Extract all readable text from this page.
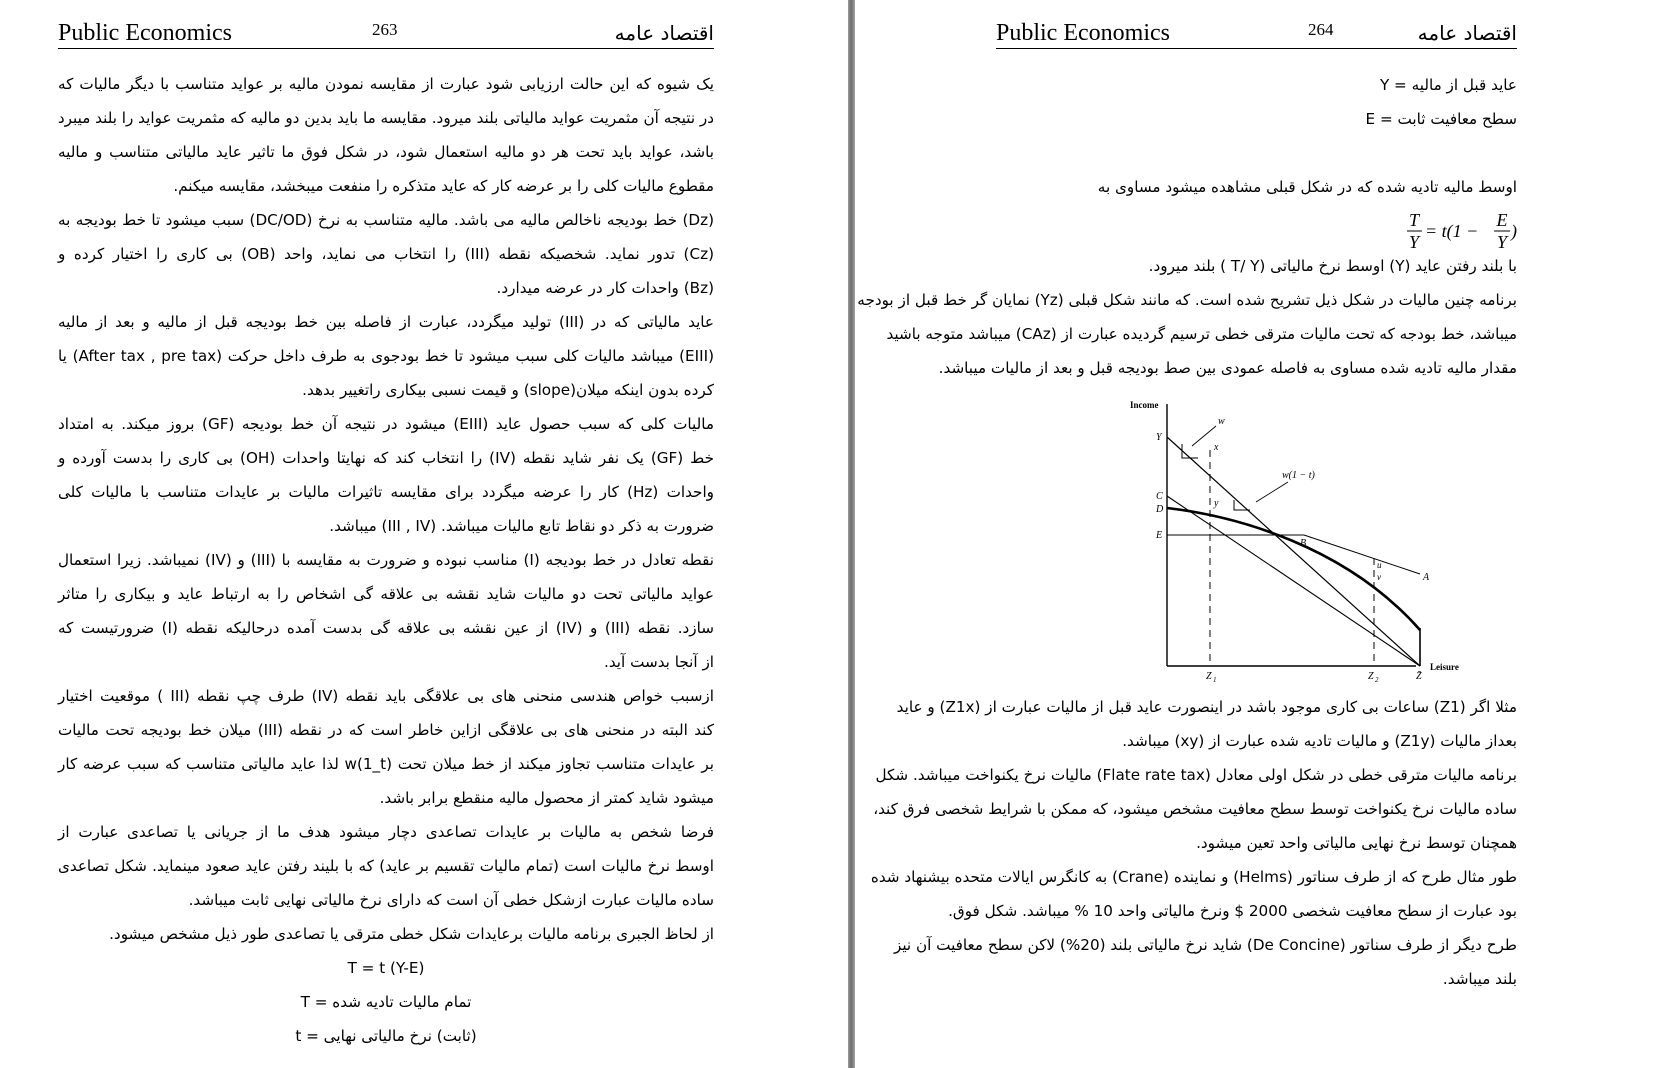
Public Economics	263	اقتصاد عامه
یک شیوه که این حالت ارزیابی شود عبارت از مقایسه نمودن مالیه بر عواید متناسب با دیگر مالیات که
در نتیجه آن مثمریت عواید مالیاتی بلند میرود. مقایسه ما باید بدین دو مالیه که مثمریت عواید را بلند میبرد
باشد، عواید باید تحت هر دو مالیه استعمال شود، در شکل فوق ما تاثیر عاید مالیاتی متناسب و مالیه
مقطوع مالیات کلی را بر عرضه کار که عاید متذکره را منفعت میبخشد، مقایسه میکنم.
(Dz) خط بودیجه ناخالص مالیه می باشد. مالیه متناسب به نرخ (DC/OD) سبب میشود تا خط بودیجه به
(Cz) تدور نماید. شخصیکه نقطه (III) را انتخاب می نماید، واحد (OB) بی کاری را اختیار کرده و
(Bz) واحدات کار در عرضه میدارد.
عاید مالیاتی که در (III) تولید میگردد، عبارت از فاصله بین خط بودیجه قبل از مالیه و بعد از مالیه
(EIII) میباشد مالیات کلی سبب میشود تا خط بودجوی به طرف داخل حرکت (After tax , pre tax) یا
کرده بدون اینکه میلان(slope) و قیمت نسبی بیکاری راتغییر بدهد.
مالیات کلی که سبب حصول عاید (EIII) میشود در نتیجه آن خط بودیجه (GF) بروز میکند. به امتداد
خط (GF) یک نفر شاید نقطه (IV) را انتخاب کند که نهایتا واحدات (OH) بی کاری را بدست آورده و
واحدات (Hz) کار را عرضه میگردد برای مقایسه تاثیرات مالیات بر عایدات متناسب با مالیات کلی
ضرورت به ذکر دو نقاط تابع مالیات میباشد. (III , IV) میباشد.
نقطه تعادل در خط بودیجه (I) مناسب نبوده و ضرورت به مقایسه با (III) و (IV) نمیباشد. زیرا استعمال
عواید مالیاتی تحت دو مالیات شاید نقشه بی علاقه گی اشخاص را به ارتباط عاید و بیکاری را متاثر
سازد. نقطه (III) و (IV) از عین نقشه بی علاقه گی بدست آمده درحالیکه نقطه (I) ضرورتیست که
از آنجا بدست آید.
ازسبب خواص هندسی منحنی های بی علاقگی باید نقطه (IV) طرف چپ نقطه (III ) موقعیت اختیار
کند البته در منحنی های بی علاقگی ازاین خاطر است که در نقطه (III) میلان خط بودیجه تحت مالیات
بر عایدات متناسب تجاوز میکند از خط میلان تحت (w(1_t لذا عاید مالیاتی متناسب که سبب عرضه کار
میشود شاید کمتر از محصول مالیه منقطع برابر باشد.
فرضا شخص به مالیات بر عایدات تصاعدی دچار میشود هدف ما از جریانی یا تصاعدی عبارت از
اوسط نرخ مالیات است (تمام مالیات تقسیم بر عاید) که با بلیند رفتن عاید صعود مینماید. شکل تصاعدی
ساده مالیات عبارت ازشکل خطی آن است که دارای نرخ مالیاتی نهایی ثابت میباشد.
از لحاظ الجبری برنامه مالیات برعایدات شکل خطی مترقی یا تصاعدی طور ذیل مشخص میشود.
T = t (Y-E)
تمام مالیات تادیه شده = T
(ثابت) نرخ مالیاتی نهایی = t
Public Economics	264	اقتصاد عامه
عاید قبل از مالیه = Y
سطح معافیت ثابت = E
اوسط مالیه تادیه شده که در شکل قبلی مشاهده میشود مساوی به
T
Y
= t(1 −
E
Y
)
با بلند رفتن عاید (Y) اوسط نرخ مالیاتی (T/ Y ) بلند میرود.
برنامه چنین مالیات در شکل ذیل تشریح شده است. که مانند شکل قبلی (Yz) نمایان گر خط قبل از بودجه
میباشد، خط بودجه که تحت مالیات مترقی خطی ترسیم گردیده عبارت از (CAz) میباشد متوجه باشید
مقدار مالیه تادیه شده مساوی به فاصله عمودی بین صط بودیجه قبل و بعد از مالیات میباشد.
Income
Leisure
Y
C
D
E
w
x
y
w(1 − t)
B
A
u
v
Z 1	Z 2	Z̄
مثلا اگر (Z1) ساعات بی کاری موجود باشد در اینصورت عاید قبل از مالیات عبارت از (Z1x) و عاید
بعداز مالیات (Z1y) و مالیات تادیه شده عبارت از (xy) میباشد.
برنامه مالیات مترقی خطی در شکل اولی معادل (Flate rate tax) مالیات نرخ یکنواخت میباشد. شکل
ساده مالیات نرخ یکنواخت توسط سطح معافیت مشخص میشود، که ممکن با شرایط شخصی فرق کند،
همچنان توسط نرخ نهایی مالیاتی واحد تعین میشود.
طور مثال طرح که از طرف سناتور (Helms) و نماینده (Crane) به کانگرس ایالات متحده بیشنهاد شده
بود عبارت از سطح معافیت شخصی 2000 $ ونرخ مالیاتی واحد 10 % میباشد. شکل فوق.
طرح دیگر از طرف سناتور (De Concine) شاید نرخ مالیاتی بلند (20%) لاکن سطح معافیت آن نیز
بلند میباشد.
